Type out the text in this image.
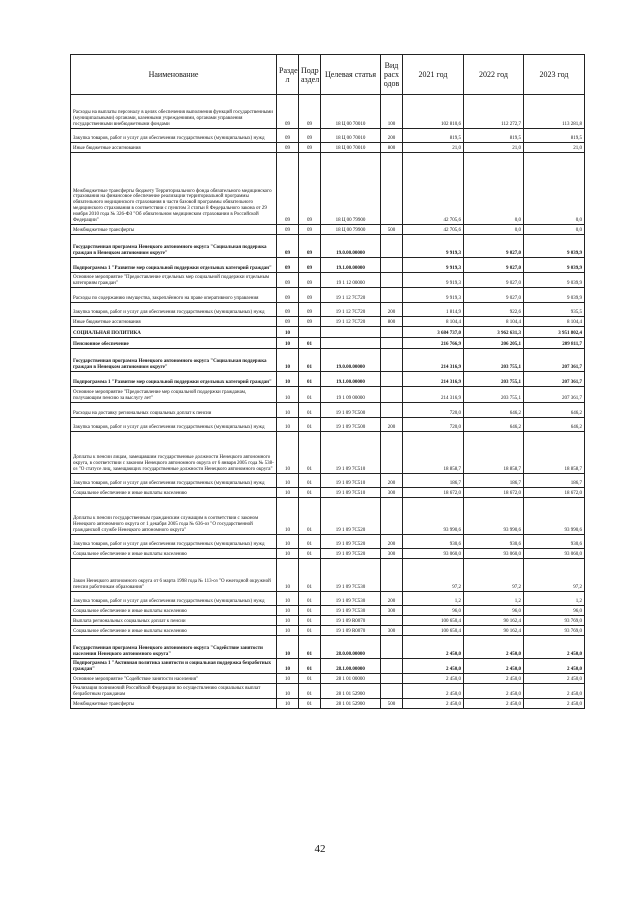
Наименование	Разде л	Подр аздел	Целевая статья	Вид расх одов	2021 год	2022 год	2023 год
Расходы на выплаты персоналу в целях обеспечения выполнения функций государственными (муниципальными) органами, казенными учреждениями, органами управления государственными внебюджетными фондами	09	09	18 Ц 00 70010	100	102 810,6	112 272,7	113 281,8
Закупка товаров, работ и услуг для обеспечения государственных (муниципальных) нужд	09	09	18 Ц 00 70010	200	819,5	819,5	819,5
Иные бюджетные ассигнования	09	09	18 Ц 00 70010	800	21,0	21,0	21,0
Межбюджетные трансферты бюджету Территориального фонда обязательного медицинского страхования на финансовое обеспечение реализации территориальной программы обязательного медицинского страхования в части базовой программы обязательного медицинского страхования в соответствии с пунктом 3 статьи 8 Федерального закона от 29 ноября 2010 года № 326-ФЗ "Об обязательном медицинском страховании в Российской Федерации"	09	09	18 Ц 00 79900		42 705,6	0,0	0,0
Межбюджетные трансферты	09	09	18 Ц 00 79900	500	42 705,6	0,0	0,0
Государственная программа Ненецкого автономного округа "Социальная поддержка граждан в Ненецком автономном округе"	09	09	19.0.00.00000		9 919,3	9 027,0	9 039,9
Подпрограмма 1 "Развитие мер социальной поддержки отдельных категорий граждан"	09	09	19.1.00.00000		9 919,3	9 027,0	9 039,9
Основное мероприятие "Предоставление отдельных мер социальной поддержки отдельным категориям граждан"	09	09	19 1 12 00000		9 919,3	9 027,0	9 039,9
Расходы по содержанию имущества, закреплённого на праве оперативного управления	09	09	19 1 12 7C720		9 919,3	9 027,0	9 039,9
Закупка товаров, работ и услуг для обеспечения государственных (муниципальных) нужд	09	09	19 1 12 7C720	200	1 814,9	922,6	935,5
Иные бюджетные ассигнования	09	09	19 1 12 7C720	800	8 104,4	8 104,4	8 104,4
СОЦИАЛЬНАЯ ПОЛИТИКА	10				3 684 737,0	3 962 631,3	3 951 802,4
Пенсионное обеспечение	10	01			216 766,9	206 205,1	209 811,7
Государственная программа Ненецкого автономного округа "Социальная поддержка граждан в Ненецком автономном округе"	10	01	19.0.00.00000		214 316,9	203 755,1	207 361,7
Подпрограмма 1 "Развитие мер социальной поддержки отдельных категорий граждан"	10	01	19.1.00.00000		214 316,9	203 755,1	207 361,7
Основное мероприятие "Предоставление мер социальной поддержки гражданам, получающим пенсию за выслугу лет"	10	01	19 1 09 00000		214 316,9	203 755,1	207 361,7
Расходы на доставку региональных социальных доплат к пенсии	10	01	19 1 09 7C500		720,0	646,2	646,2
Закупка товаров, работ и услуг для обеспечения государственных (муниципальных) нужд	10	01	19 1 09 7C500	200	720,0	646,2	646,2
Доплаты к пенсии лицам, замещавшим государственные должности Ненецкого автономного округа, в соответствии с законом Ненецкого автономного округа от 6 января 2005 года № 538-оз "О статусе лиц, замещающих государственные должности Ненецкого автономного округа"	10	01	19 1 09 7C510		18 858,7	18 858,7	18 858,7
Закупка товаров, работ и услуг для обеспечения государственных (муниципальных) нужд	10	01	19 1 09 7C510	200	186,7	186,7	186,7
Социальное обеспечение и иные выплаты населению	10	01	19 1 09 7C510	300	18 672,0	18 672,0	18 672,0
Доплаты к пенсии государственным гражданским служащим в соответствии с законом Ненецкого автономного округа от 1 декабря 2005 года № 636-оз "О государственной гражданской службе Ненецкого автономного округа"	10	01	19 1 09 7C520		93 990,6	93 990,6	93 990,6
Закупка товаров, работ и услуг для обеспечения государственных (муниципальных) нужд	10	01	19 1 09 7C520	200	930,6	930,6	930,6
Социальное обеспечение и иные выплаты населению	10	01	19 1 09 7C520	300	93 060,0	93 060,0	93 060,0
Закон Ненецкого автономного округа от 6 марта 1998 года № 113-оз "О ежегодной окружной пенсии работникам образования"	10	01	19 1 09 7C530		97,2	97,2	97,2
Закупка товаров, работ и услуг для обеспечения государственных (муниципальных) нужд	10	01	19 1 09 7C530	200	1,2	1,2	1,2
Социальное обеспечение и иные выплаты населению	10	01	19 1 09 7C530	300	96,0	96,0	96,0
Выплата региональных социальных доплат к пенсии	10	01	19 1 09 R0070		100 650,4	90 162,4	93 769,0
Социальное обеспечение и иные выплаты населению	10	01	19 1 09 R0070	300	100 650,4	90 162,4	93 769,0
Государственная программа Ненецкого автономного округа "Содействие занятости населения Ненецкого автономного округа"	10	01	28.0.00.00000		2 450,0	2 450,0	2 450,0
Подпрограмма 1 "Активная политика занятости и социальная поддержка безработных граждан"	10	01	28.1.00.00000		2 450,0	2 450,0	2 450,0
Основное мероприятие "Содействие занятости населения"	10	01	28 1 01 00000		2 450,0	2 450,0	2 450,0
Реализация полномочий Российской Федерации по осуществлению социальных выплат безработным гражданам	10	01	28 1 01 52900		2 450,0	2 450,0	2 450,0
Межбюджетные трансферты	10	01	28 1 01 52900	500	2 450,0	2 450,0	2 450,0
42
